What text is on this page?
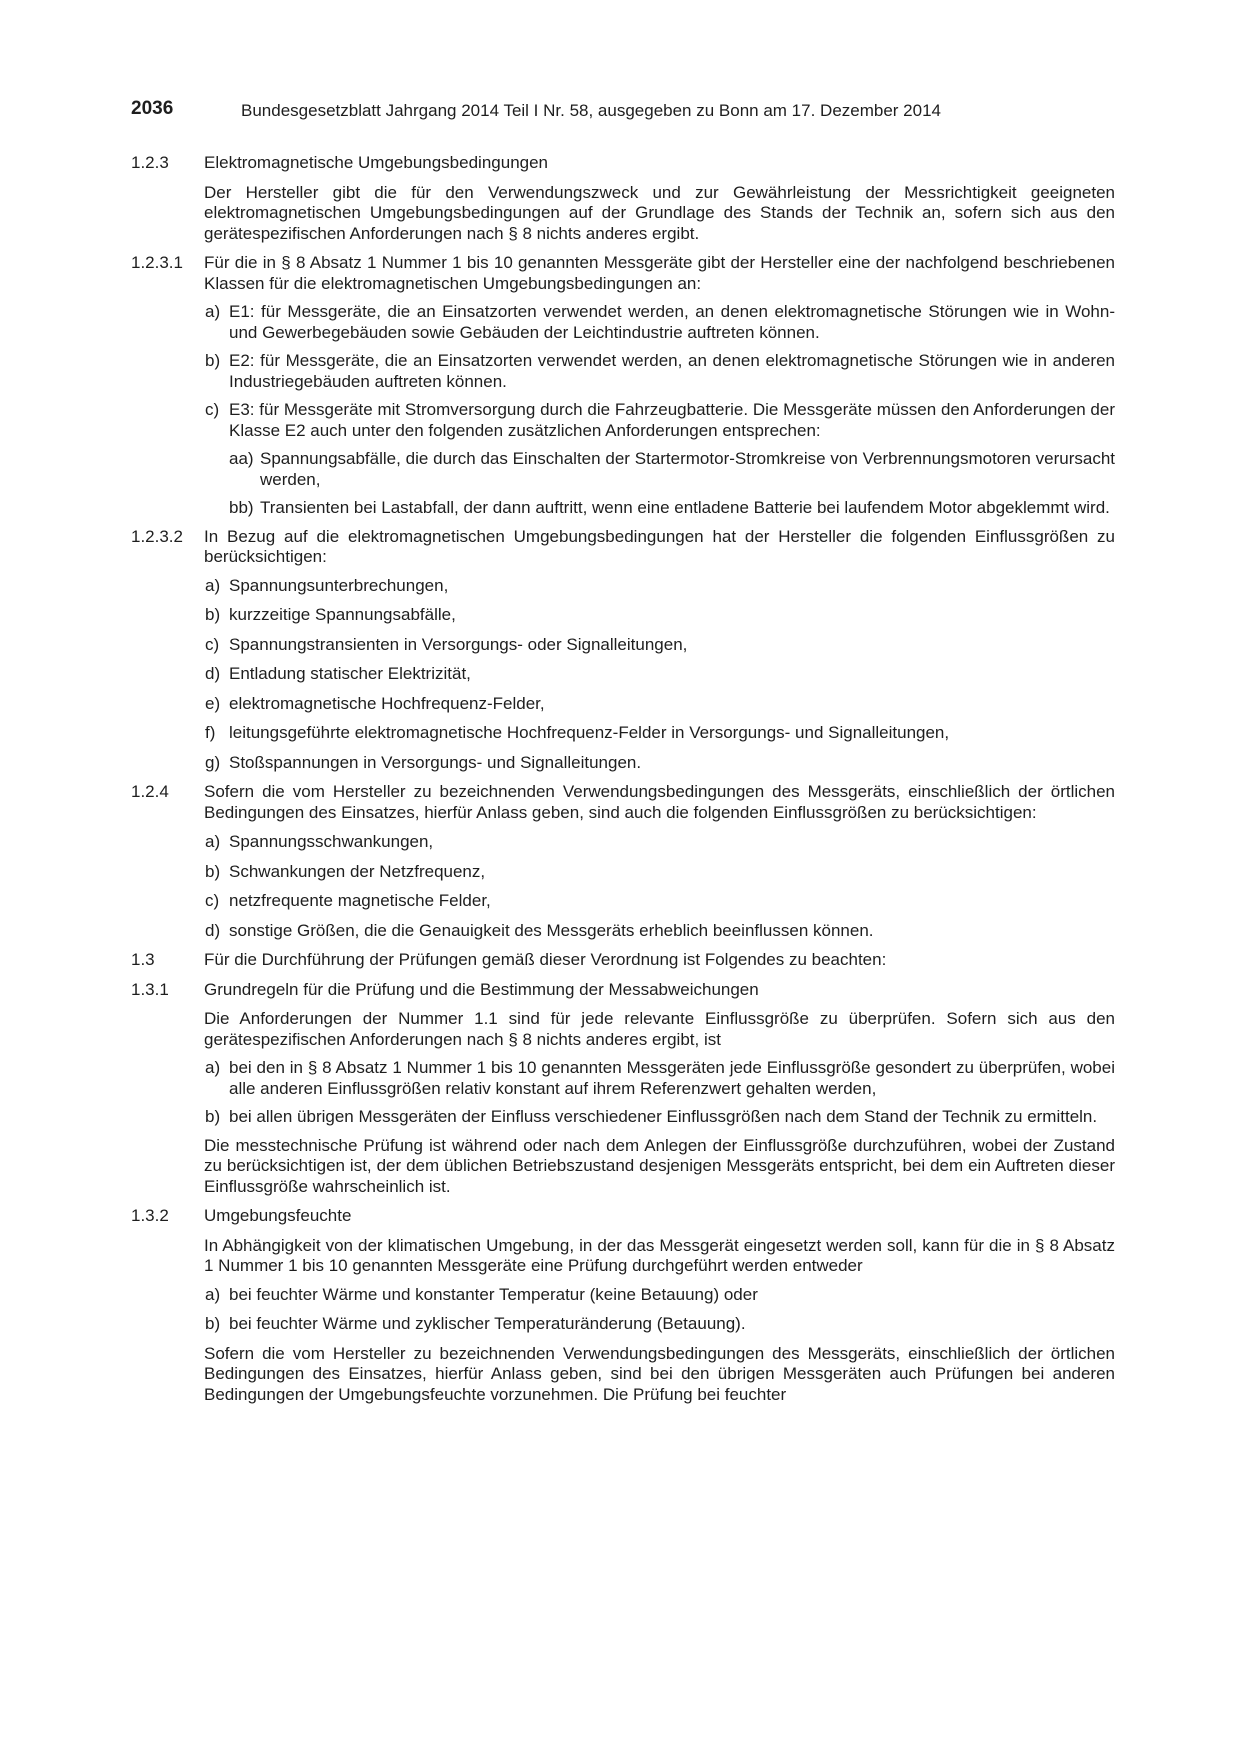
2036	Bundesgesetzblatt Jahrgang 2014 Teil I Nr. 58, ausgegeben zu Bonn am 17. Dezember 2014
1.2.3 Elektromagnetische Umgebungsbedingungen
Der Hersteller gibt die für den Verwendungszweck und zur Gewährleistung der Messrichtigkeit geeigneten elektromagnetischen Umgebungsbedingungen auf der Grundlage des Stands der Technik an, sofern sich aus den gerätespezifischen Anforderungen nach § 8 nichts anderes ergibt.
1.2.3.1 Für die in § 8 Absatz 1 Nummer 1 bis 10 genannten Messgeräte gibt der Hersteller eine der nachfolgend beschriebenen Klassen für die elektromagnetischen Umgebungsbedingungen an:
a) E1: für Messgeräte, die an Einsatzorten verwendet werden, an denen elektromagnetische Störungen wie in Wohn- und Gewerbegebäuden sowie Gebäuden der Leichtindustrie auftreten können.
b) E2: für Messgeräte, die an Einsatzorten verwendet werden, an denen elektromagnetische Störungen wie in anderen Industriegebäuden auftreten können.
c) E3: für Messgeräte mit Stromversorgung durch die Fahrzeugbatterie. Die Messgeräte müssen den Anforderungen der Klasse E2 auch unter den folgenden zusätzlichen Anforderungen entsprechen:
aa) Spannungsabfälle, die durch das Einschalten der Startermotor-Stromkreise von Verbrennungsmotoren verursacht werden,
bb) Transienten bei Lastabfall, der dann auftritt, wenn eine entladene Batterie bei laufendem Motor abgeklemmt wird.
1.2.3.2 In Bezug auf die elektromagnetischen Umgebungsbedingungen hat der Hersteller die folgenden Einflussgrößen zu berücksichtigen:
a) Spannungsunterbrechungen,
b) kurzzeitige Spannungsabfälle,
c) Spannungstransienten in Versorgungs- oder Signalleitungen,
d) Entladung statischer Elektrizität,
e) elektromagnetische Hochfrequenz-Felder,
f) leitungsgeführte elektromagnetische Hochfrequenz-Felder in Versorgungs- und Signalleitungen,
g) Stoßspannungen in Versorgungs- und Signalleitungen.
1.2.4 Sofern die vom Hersteller zu bezeichnenden Verwendungsbedingungen des Messgeräts, einschließlich der örtlichen Bedingungen des Einsatzes, hierfür Anlass geben, sind auch die folgenden Einflussgrößen zu berücksichtigen:
a) Spannungsschwankungen,
b) Schwankungen der Netzfrequenz,
c) netzfrequente magnetische Felder,
d) sonstige Größen, die die Genauigkeit des Messgeräts erheblich beeinflussen können.
1.3	Für die Durchführung der Prüfungen gemäß dieser Verordnung ist Folgendes zu beachten:
1.3.1 Grundregeln für die Prüfung und die Bestimmung der Messabweichungen
Die Anforderungen der Nummer 1.1 sind für jede relevante Einflussgröße zu überprüfen. Sofern sich aus den gerätespezifischen Anforderungen nach § 8 nichts anderes ergibt, ist
a) bei den in § 8 Absatz 1 Nummer 1 bis 10 genannten Messgeräten jede Einflussgröße gesondert zu überprüfen, wobei alle anderen Einflussgrößen relativ konstant auf ihrem Referenzwert gehalten werden,
b) bei allen übrigen Messgeräten der Einfluss verschiedener Einflussgrößen nach dem Stand der Technik zu ermitteln.
Die messtechnische Prüfung ist während oder nach dem Anlegen der Einflussgröße durchzuführen, wobei der Zustand zu berücksichtigen ist, der dem üblichen Betriebszustand desjenigen Messgeräts entspricht, bei dem ein Auftreten dieser Einflussgröße wahrscheinlich ist.
1.3.2 Umgebungsfeuchte
In Abhängigkeit von der klimatischen Umgebung, in der das Messgerät eingesetzt werden soll, kann für die in § 8 Absatz 1 Nummer 1 bis 10 genannten Messgeräte eine Prüfung durchgeführt werden entweder
a) bei feuchter Wärme und konstanter Temperatur (keine Betauung) oder
b) bei feuchter Wärme und zyklischer Temperaturänderung (Betauung).
Sofern die vom Hersteller zu bezeichnenden Verwendungsbedingungen des Messgeräts, einschließlich der örtlichen Bedingungen des Einsatzes, hierfür Anlass geben, sind bei den übrigen Messgeräten auch Prüfungen bei anderen Bedingungen der Umgebungsfeuchte vorzunehmen. Die Prüfung bei feuchter
